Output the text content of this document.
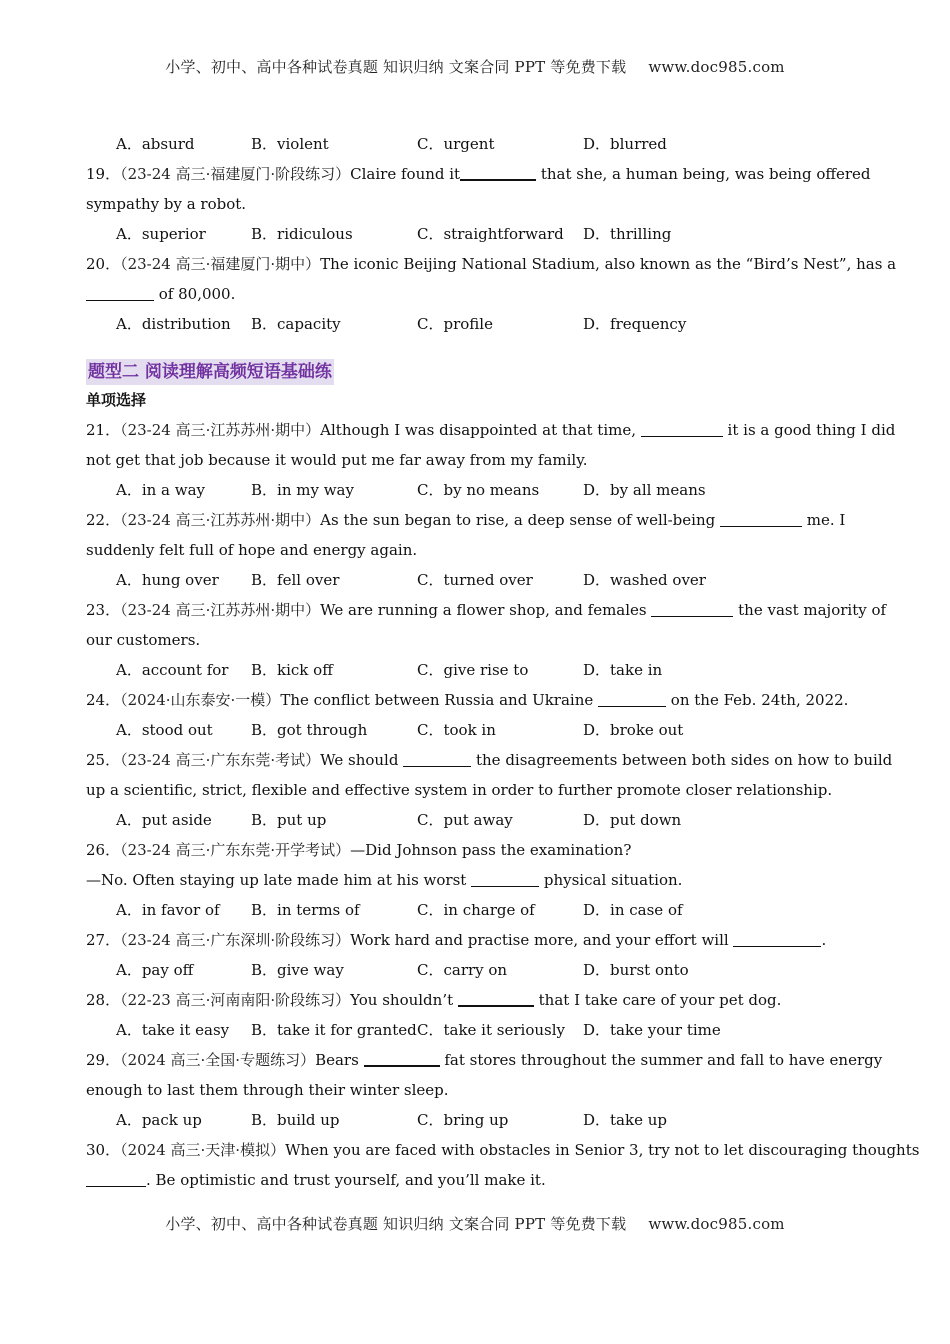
小学、初中、高中各种试卷真题 知识归纳 文案合同 PPT 等免费下载 www.doc985.com
A．absurd	B．violent	C．urgent	D．blurred
19．（23-24 高三·福建厦门·阶段练习）Claire found it	that she, a human being, was being offered
sympathy by a robot.
A．superior	B．ridiculous	C．straightforward D．thrilling
20．（23-24 高三·福建厦门·期中）The iconic Beijing National Stadium, also known as the “Bird’s Nest”, has a
of 80,000.
A．distribution B．capacity	C．profile	D．frequency
题型二 阅读理解高频短语基础练
单项选择
21．（23-24 高三·江苏苏州·期中）Although I was disappointed at that time,	it is a good thing I did
not get that job because it would put me far away from my family.
A．in a way	B．in my way	C．by no means	D．by all means
22．（23-24 高三·江苏苏州·期中）As the sun began to rise, a deep sense of well-being	me. I
suddenly felt full of hope and energy again.
A．hung over B．fell over	C．turned over	D．washed over
23．（23-24 高三·江苏苏州·期中）We are running a flower shop, and females	the vast majority of
our customers.
A．account for B．kick off	C．give rise to	D．take in
24．（2024·山东泰安·一模）The conflict between Russia and Ukraine	on the Feb. 24th, 2022.
A．stood out	B．got through	C．took in	D．broke out
25．（23-24 高三·广东东莞·考试）We should	the disagreements between both sides on how to build
up a scientific, strict, flexible and effective system in order to further promote closer relationship.
A．put aside	B．put up	C．put away	D．put down
26．（23-24 高三·广东东莞·开学考试）—Did Johnson pass the examination?
—No. Often staying up late made him at his worst	physical situation.
A．in favor of B．in terms of	C．in charge of	D．in case of
27．（23-24 高三·广东深圳·阶段练习）Work hard and practise more, and your effort will	.
A．pay off	B．give way	C．carry on	D．burst onto
28．（22-23 高三·河南南阳·阶段练习）You shouldn’t	that I take care of your pet dog.
A．take it easy B．take it for granted C．take it seriously D．take your time
29．（2024 高三·全国·专题练习）Bears	fat stores throughout the summer and fall to have energy
enough to last them through their winter sleep.
A．pack up	B．build up	C．bring up	D．take up
30．（2024 高三·天津·模拟）When you are faced with obstacles in Senior 3, try not to let discouraging thoughts
. Be optimistic and trust yourself, and you’ll make it.
小学、初中、高中各种试卷真题 知识归纳 文案合同 PPT 等免费下载 www.doc985.com
